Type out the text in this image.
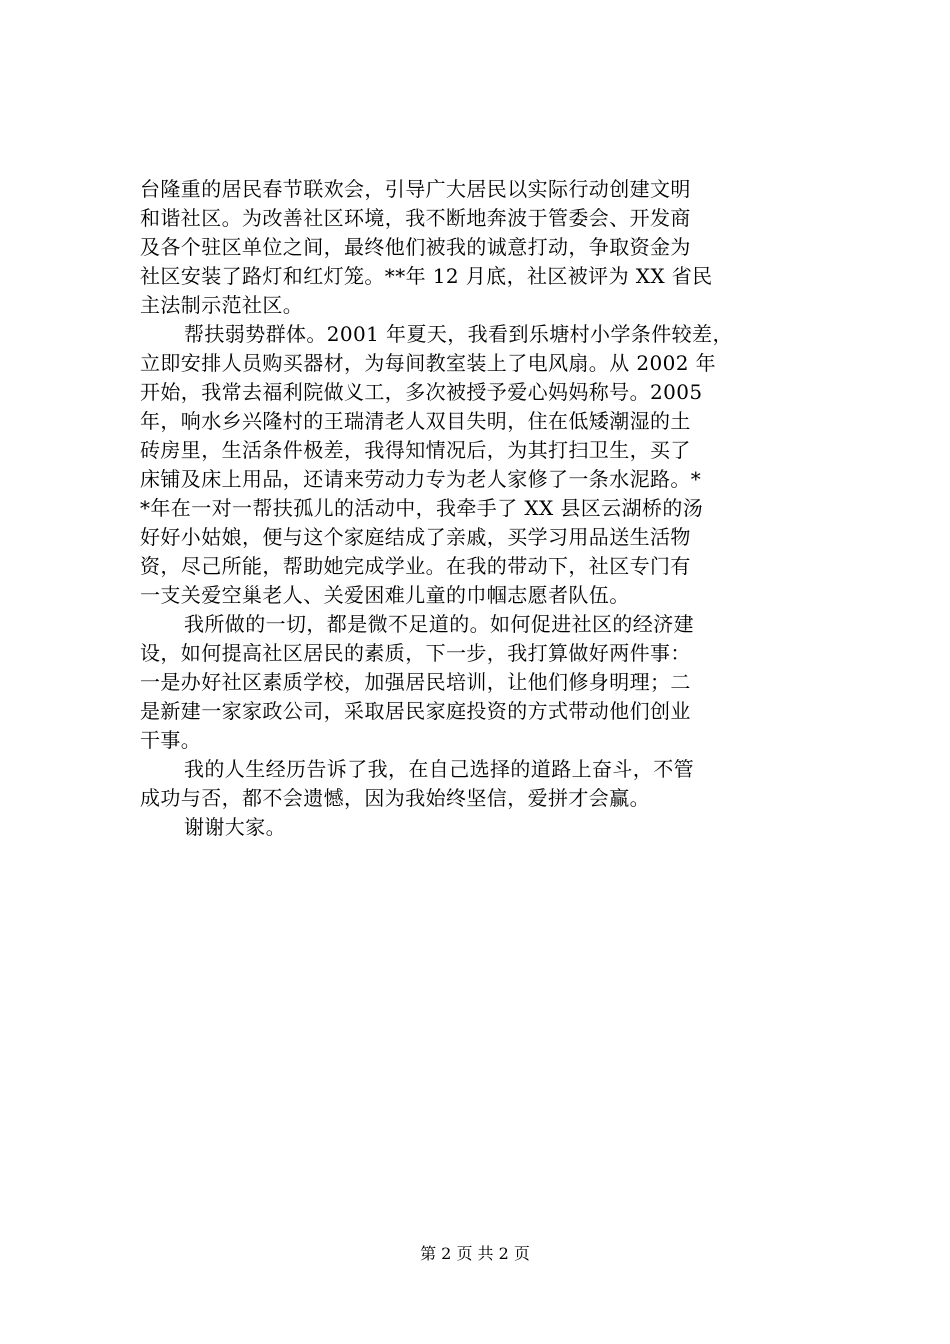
台隆重的居民春节联欢会，引导广大居民以实际行动创建文明
和谐社区。为改善社区环境，我不断地奔波于管委会、开发商
及各个驻区单位之间，最终他们被我的诚意打动，争取资金为
社区安装了路灯和红灯笼。**年 12 月底，社区被评为 XX 省民
主法制示范社区。
帮扶弱势群体。2001 年夏天，我看到乐塘村小学条件较差，
立即安排人员购买器材，为每间教室装上了电风扇。从 2002 年
开始，我常去福利院做义工，多次被授予爱心妈妈称号。2005
年，响水乡兴隆村的王瑞清老人双目失明，住在低矮潮湿的土
砖房里，生活条件极差，我得知情况后，为其打扫卫生，买了
床铺及床上用品，还请来劳动力专为老人家修了一条水泥路。*
*年在一对一帮扶孤儿的活动中，我牵手了 XX 县区云湖桥的汤
好好小姑娘，便与这个家庭结成了亲戚，买学习用品送生活物
资，尽己所能，帮助她完成学业。在我的带动下，社区专门有
一支关爱空巢老人、关爱困难儿童的巾帼志愿者队伍。
我所做的一切，都是微不足道的。如何促进社区的经济建
设，如何提高社区居民的素质，下一步，我打算做好两件事：
一是办好社区素质学校，加强居民培训，让他们修身明理；二
是新建一家家政公司，采取居民家庭投资的方式带动他们创业
干事。
我的人生经历告诉了我，在自己选择的道路上奋斗，不管
成功与否，都不会遗憾，因为我始终坚信，爱拼才会赢。
谢谢大家。
第 2 页 共 2 页
